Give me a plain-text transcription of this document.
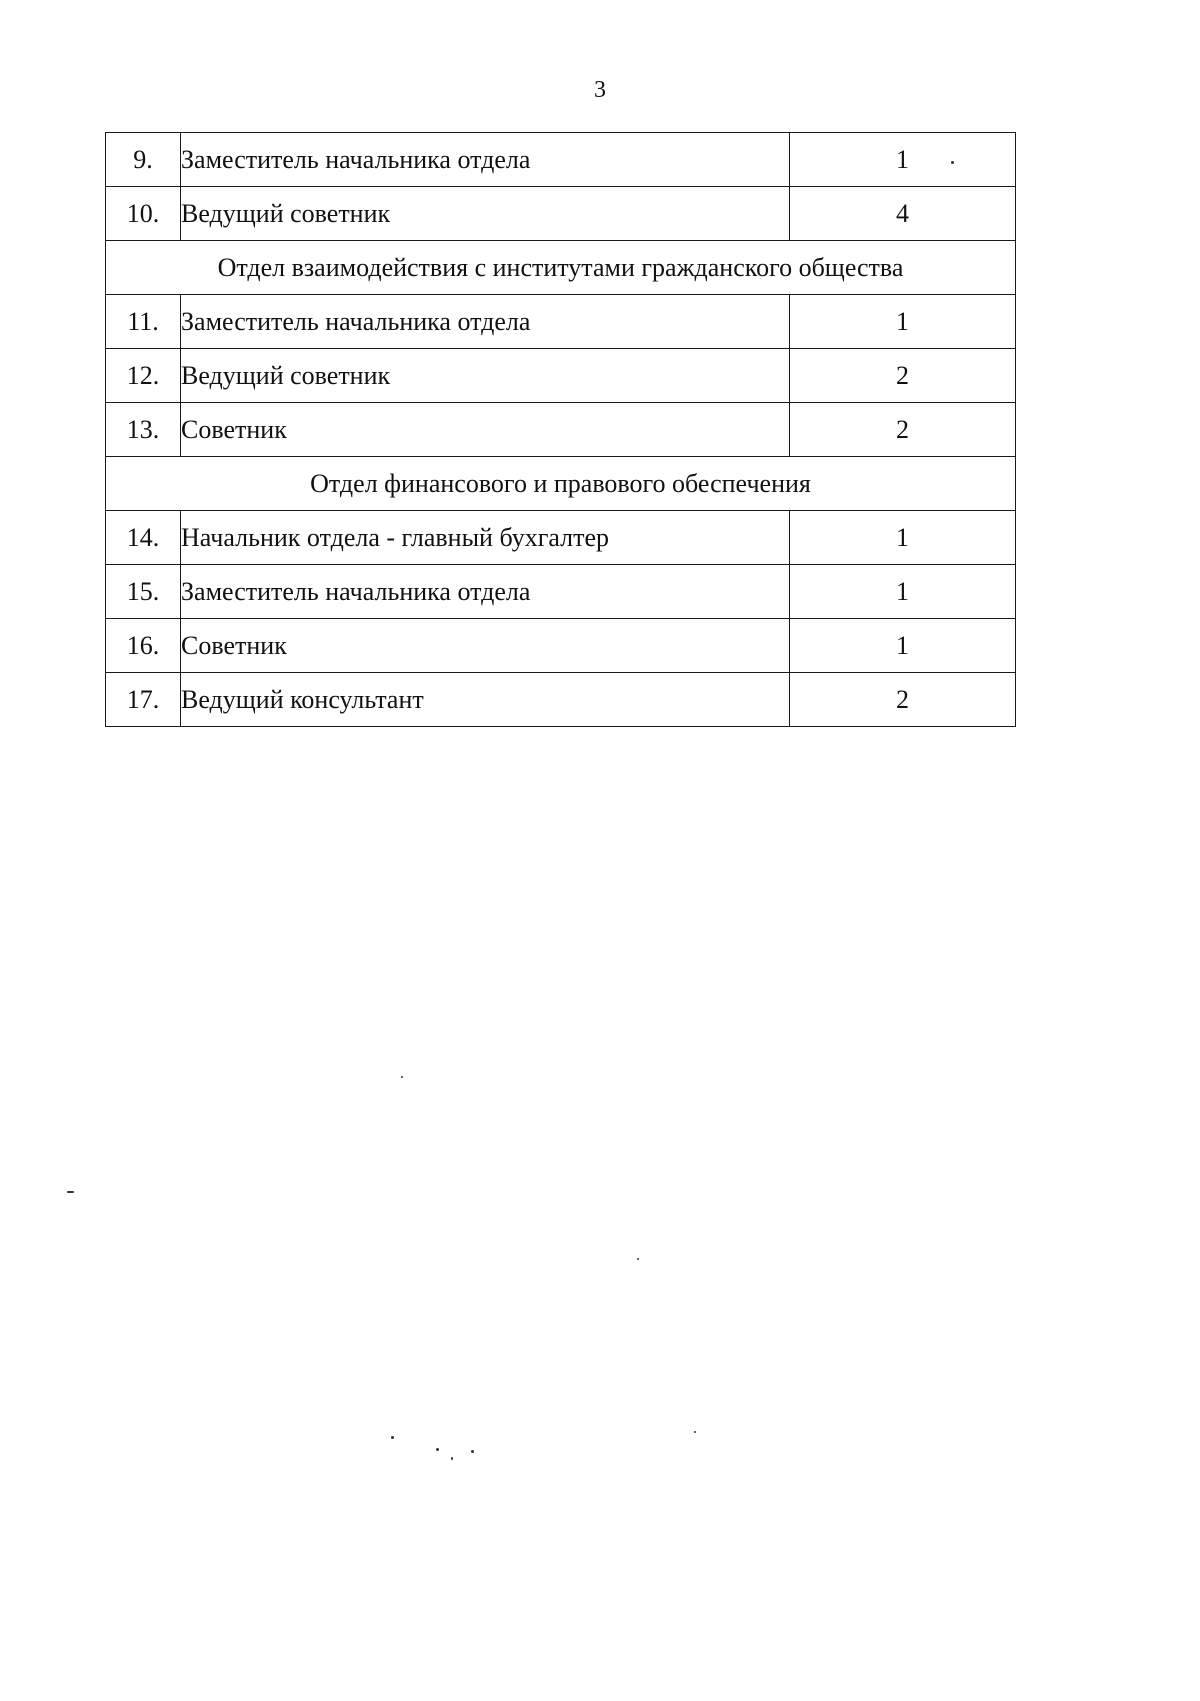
3
9.	Заместитель начальника отдела	1
10.	Ведущий советник	4
Отдел взаимодействия с институтами гражданского общества		
11.	Заместитель начальника отдела	1
12.	Ведущий советник	2
13.	Советник	2
Отдел финансового и правового обеспечения		
14.	Начальник отдела - главный бухгалтер	1
15.	Заместитель начальника отдела	1
16.	Советник	1
17.	Ведущий консультант	2
